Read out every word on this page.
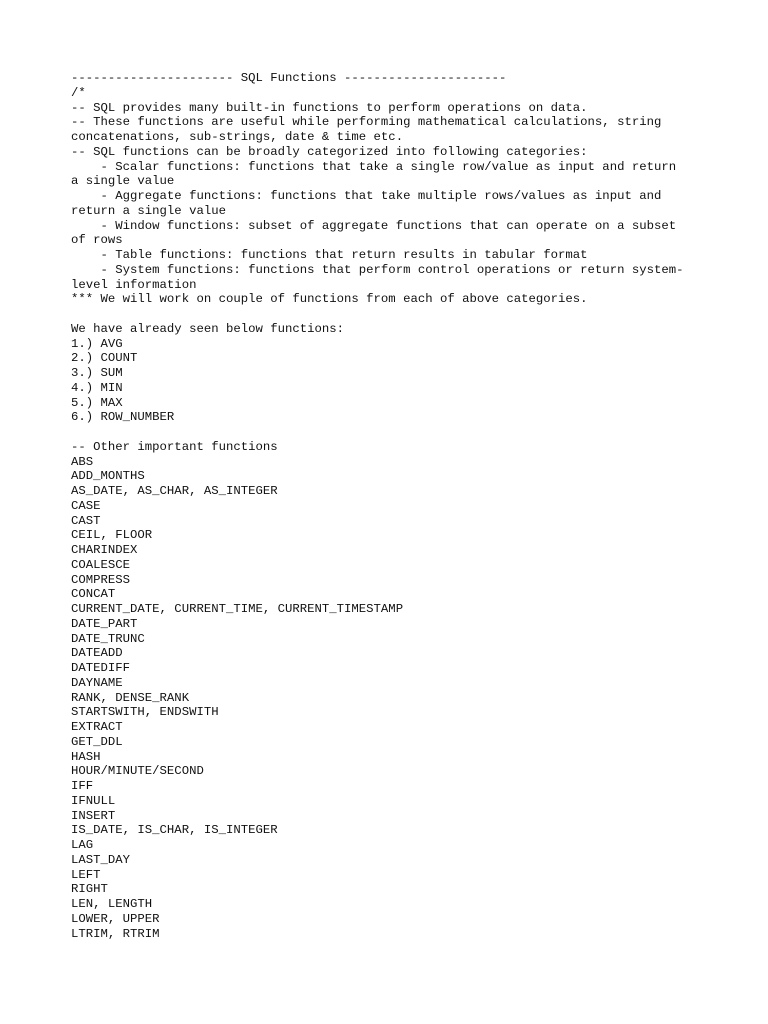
---------------------- SQL Functions ----------------------
/*
-- SQL provides many built-in functions to perform operations on data.
-- These functions are useful while performing mathematical calculations, string
concatenations, sub-strings, date & time etc.
-- SQL functions can be broadly categorized into following categories:
- Scalar functions: functions that take a single row/value as input and return
a single value
- Aggregate functions: functions that take multiple rows/values as input and
return a single value
- Window functions: subset of aggregate functions that can operate on a subset
of rows
- Table functions: functions that return results in tabular format
- System functions: functions that perform control operations or return system-
level information
*** We will work on couple of functions from each of above categories.
We have already seen below functions:
1.) AVG
2.) COUNT
3.) SUM
4.) MIN
5.) MAX
6.) ROW_NUMBER
-- Other important functions
ABS
ADD_MONTHS
AS_DATE, AS_CHAR, AS_INTEGER
CASE
CAST
CEIL, FLOOR
CHARINDEX
COALESCE
COMPRESS
CONCAT
CURRENT_DATE, CURRENT_TIME, CURRENT_TIMESTAMP
DATE_PART
DATE_TRUNC
DATEADD
DATEDIFF
DAYNAME
RANK, DENSE_RANK
STARTSWITH, ENDSWITH
EXTRACT
GET_DDL
HASH
HOUR/MINUTE/SECOND
IFF
IFNULL
INSERT
IS_DATE, IS_CHAR, IS_INTEGER
LAG
LAST_DAY
LEFT
RIGHT
LEN, LENGTH
LOWER, UPPER
LTRIM, RTRIM
